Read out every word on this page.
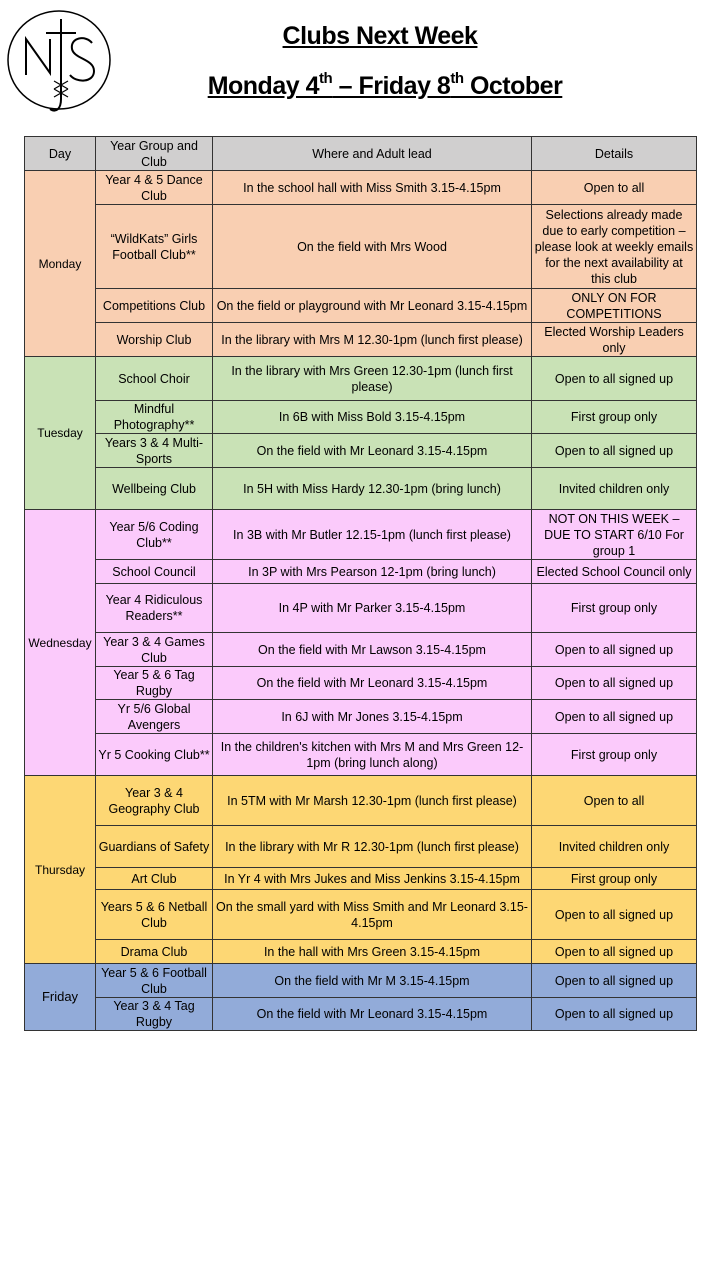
Clubs Next Week
Monday 4th – Friday 8th October
Day	Year Group and Club	Where and Adult lead	Details
Monday	Year 4 & 5 Dance Club	In the school hall with Miss Smith 3.15-4.15pm	Open to all
	“WildKats” Girls Football Club**	On the field with Mrs Wood	Selections already made due to early competition – please look at weekly emails for the next availability at this club
	Competitions Club	On the field or playground with Mr Leonard 3.15-4.15pm	ONLY ON FOR COMPETITIONS
	Worship Club	In the library with Mrs M 12.30-1pm (lunch first please)	Elected Worship Leaders only
Tuesday	School Choir	In the library with Mrs Green 12.30-1pm (lunch first please)	Open to all signed up
	Mindful Photography**	In 6B with Miss Bold 3.15-4.15pm	First group only
	Years 3 & 4 Multi-Sports	On the field with Mr Leonard 3.15-4.15pm	Open to all signed up
	Wellbeing Club	In 5H with Miss Hardy 12.30-1pm (bring lunch)	Invited children only
Wednesday	Year 5/6 Coding Club**	In 3B with Mr Butler 12.15-1pm (lunch first please)	NOT ON THIS WEEK – DUE TO START 6/10 For group 1
	School Council	In 3P with Mrs Pearson 12-1pm (bring lunch)	Elected School Council only
	Year 4 Ridiculous Readers**	In 4P with Mr Parker 3.15-4.15pm	First group only
	Year 3 & 4 Games Club	On the field with Mr Lawson 3.15-4.15pm	Open to all signed up
	Year 5 & 6 Tag Rugby	On the field with Mr Leonard 3.15-4.15pm	Open to all signed up
	Yr 5/6 Global Avengers	In 6J with Mr Jones 3.15-4.15pm	Open to all signed up
	Yr 5 Cooking Club**	In the children's kitchen with Mrs M and Mrs Green 12-1pm (bring lunch along)	First group only
Thursday	Year 3 & 4 Geography Club	In 5TM with Mr Marsh 12.30-1pm (lunch first please)	Open to all
	Guardians of Safety	In the library with Mr R 12.30-1pm (lunch first please)	Invited children only
	Art Club	In Yr 4 with Mrs Jukes and Miss Jenkins 3.15-4.15pm	First group only
	Years 5 & 6 Netball Club	On the small yard with Miss Smith and Mr Leonard 3.15-4.15pm	Open to all signed up
	Drama Club	In the hall with Mrs Green 3.15-4.15pm	Open to all signed up
Friday	Year 5 & 6 Football Club	On the field with Mr M 3.15-4.15pm	Open to all signed up
	Year 3 & 4 Tag Rugby	On the field with Mr Leonard 3.15-4.15pm	Open to all signed up
